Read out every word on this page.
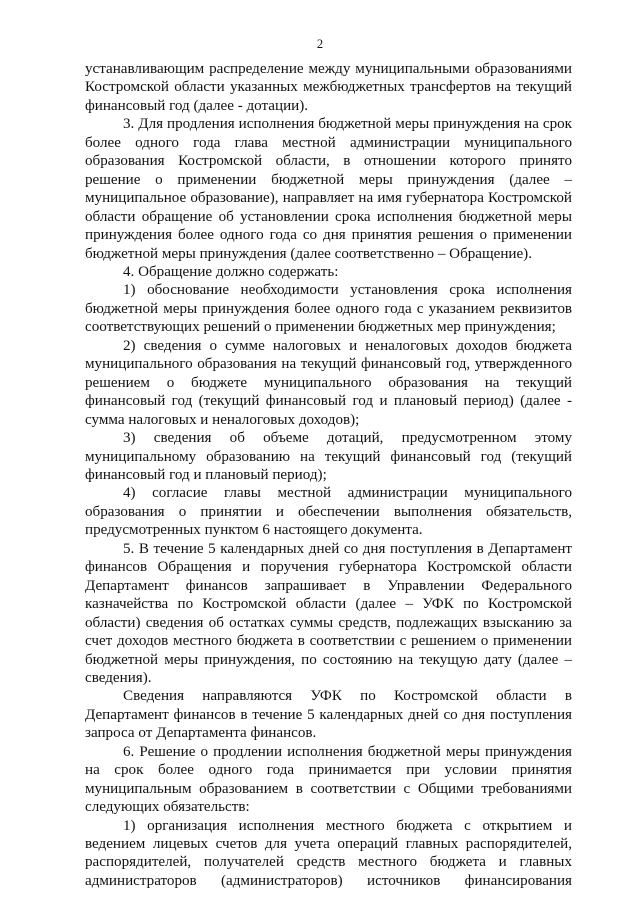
2

устанавливающим распределение между муниципальными образованиями Костромской области указанных межбюджетных трансфертов на текущий финансовый год (далее - дотации).

3. Для продления исполнения бюджетной меры принуждения на срок более одного года глава местной администрации муниципального образования Костромской области, в отношении которого принято решение о применении бюджетной меры принуждения (далее – муниципальное образование), направляет на имя губернатора Костромской области обращение об установлении срока исполнения бюджетной меры принуждения более одного года со дня принятия решения о применении бюджетной меры принуждения (далее соответственно – Обращение).

4. Обращение должно содержать:

1) обоснование необходимости установления срока исполнения бюджетной меры принуждения более одного года с указанием реквизитов соответствующих решений о применении бюджетных мер принуждения;

2) сведения о сумме налоговых и неналоговых доходов бюджета муниципального образования на текущий финансовый год, утвержденного решением о бюджете муниципального образования на текущий финансовый год (текущий финансовый год и плановый период) (далее - сумма налоговых и неналоговых доходов);

3) сведения об объеме дотаций, предусмотренном этому муниципальному образованию на текущий финансовый год (текущий финансовый год и плановый период);

4) согласие главы местной администрации муниципального образования о принятии и обеспечении выполнения обязательств, предусмотренных пунктом 6 настоящего документа.

5. В течение 5 календарных дней со дня поступления в Департамент финансов Обращения и поручения губернатора Костромской области Департамент финансов запрашивает в Управлении Федерального казначейства по Костромской области (далее – УФК по Костромской области) сведения об остатках суммы средств, подлежащих взысканию за счет доходов местного бюджета в соответствии с решением о применении бюджетной меры принуждения, по состоянию на текущую дату (далее – сведения).

Сведения направляются УФК по Костромской области в Департамент финансов в течение 5 календарных дней со дня поступления запроса от Департамента финансов.

6. Решение о продлении исполнения бюджетной меры принуждения на срок более одного года принимается при условии принятия муниципальным образованием в соответствии с Общими требованиями следующих обязательств:

1) организация исполнения местного бюджета с открытием и ведением лицевых счетов для учета операций главных распорядителей, распорядителей, получателей средств местного бюджета и главных администраторов (администраторов) источников финансирования
